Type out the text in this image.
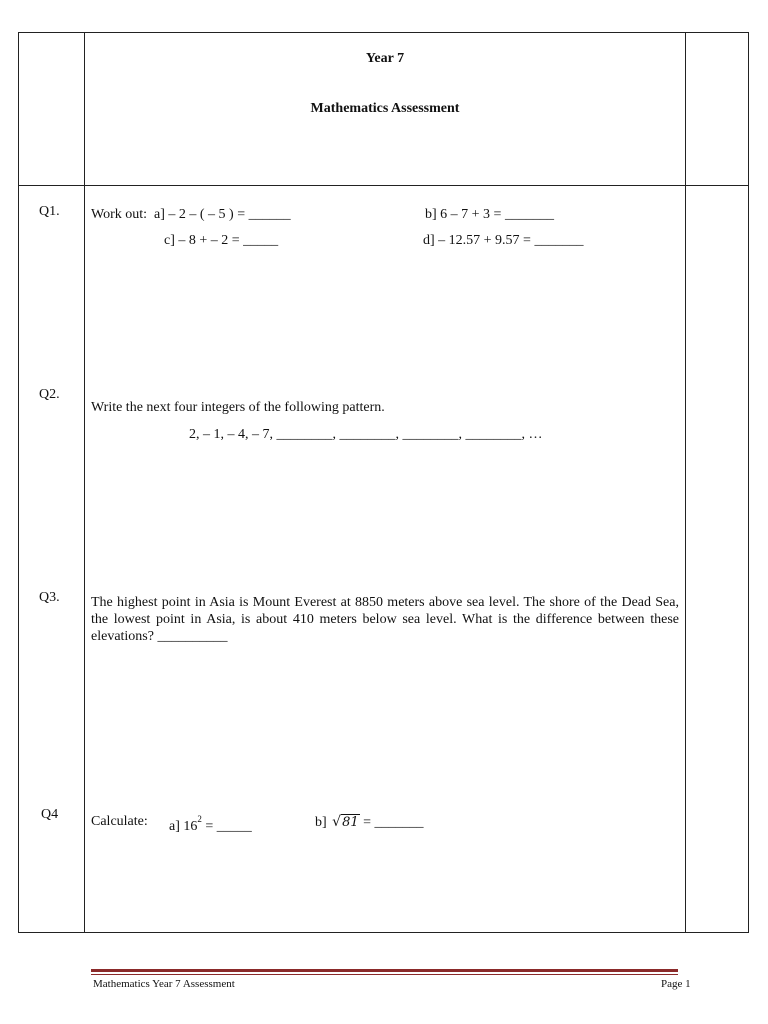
Year 7
Mathematics Assessment
Q1. Work out: a] – 2 – ( – 5 ) = ______	b] 6 – 7 + 3 = _______
c] – 8 + – 2 = _____	d] – 12.57 + 9.57 = _______
Q2.
Write the next four integers of the following pattern.
2, – 1, – 4, – 7, ________, ________, ________, ________, …
Q3. The highest point in Asia is Mount Everest at 8850 meters above sea level. The shore of the Dead Sea, the lowest point in Asia, is about 410 meters below sea level. What is the difference between these elevations? __________
Q4 Calculate: a] $16^2$ = _____	b] √81 = _______
Mathematics Year 7 Assessment	Page 1
